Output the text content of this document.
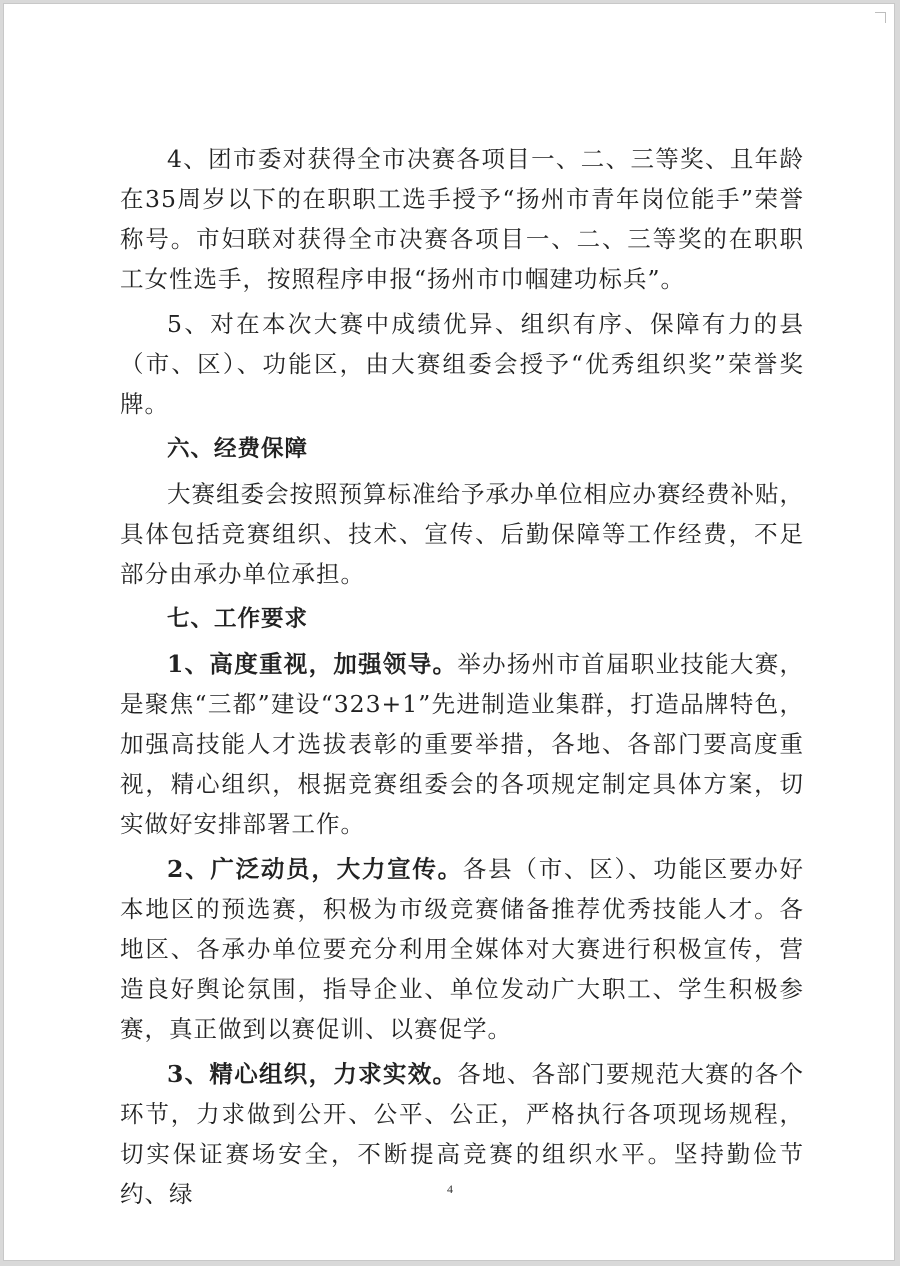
4、团市委对获得全市决赛各项目一、二、三等奖、且年龄在35周岁以下的在职职工选手授予“扬州市青年岗位能手”荣誉称号。市妇联对获得全市决赛各项目一、二、三等奖的在职职工女性选手，按照程序申报“扬州市巾帼建功标兵”。

5、对在本次大赛中成绩优异、组织有序、保障有力的县（市、区）、功能区，由大赛组委会授予“优秀组织奖”荣誉奖牌。

六、经费保障

大赛组委会按照预算标准给予承办单位相应办赛经费补贴，具体包括竞赛组织、技术、宣传、后勤保障等工作经费，不足部分由承办单位承担。

七、工作要求

1、高度重视，加强领导。举办扬州市首届职业技能大赛，是聚焦“三都”建设“323+1”先进制造业集群，打造品牌特色，加强高技能人才选拔表彰的重要举措，各地、各部门要高度重视，精心组织，根据竞赛组委会的各项规定制定具体方案，切实做好安排部署工作。

2、广泛动员，大力宣传。各县（市、区）、功能区要办好本地区的预选赛，积极为市级竞赛储备推荐优秀技能人才。各地区、各承办单位要充分利用全媒体对大赛进行积极宣传，营造良好舆论氛围，指导企业、单位发动广大职工、学生积极参赛，真正做到以赛促训、以赛促学。

3、精心组织，力求实效。各地、各部门要规范大赛的各个环节，力求做到公开、公平、公正，严格执行各项现场规程，切实保证赛场安全，不断提高竞赛的组织水平。坚持勤俭节约、绿	4
